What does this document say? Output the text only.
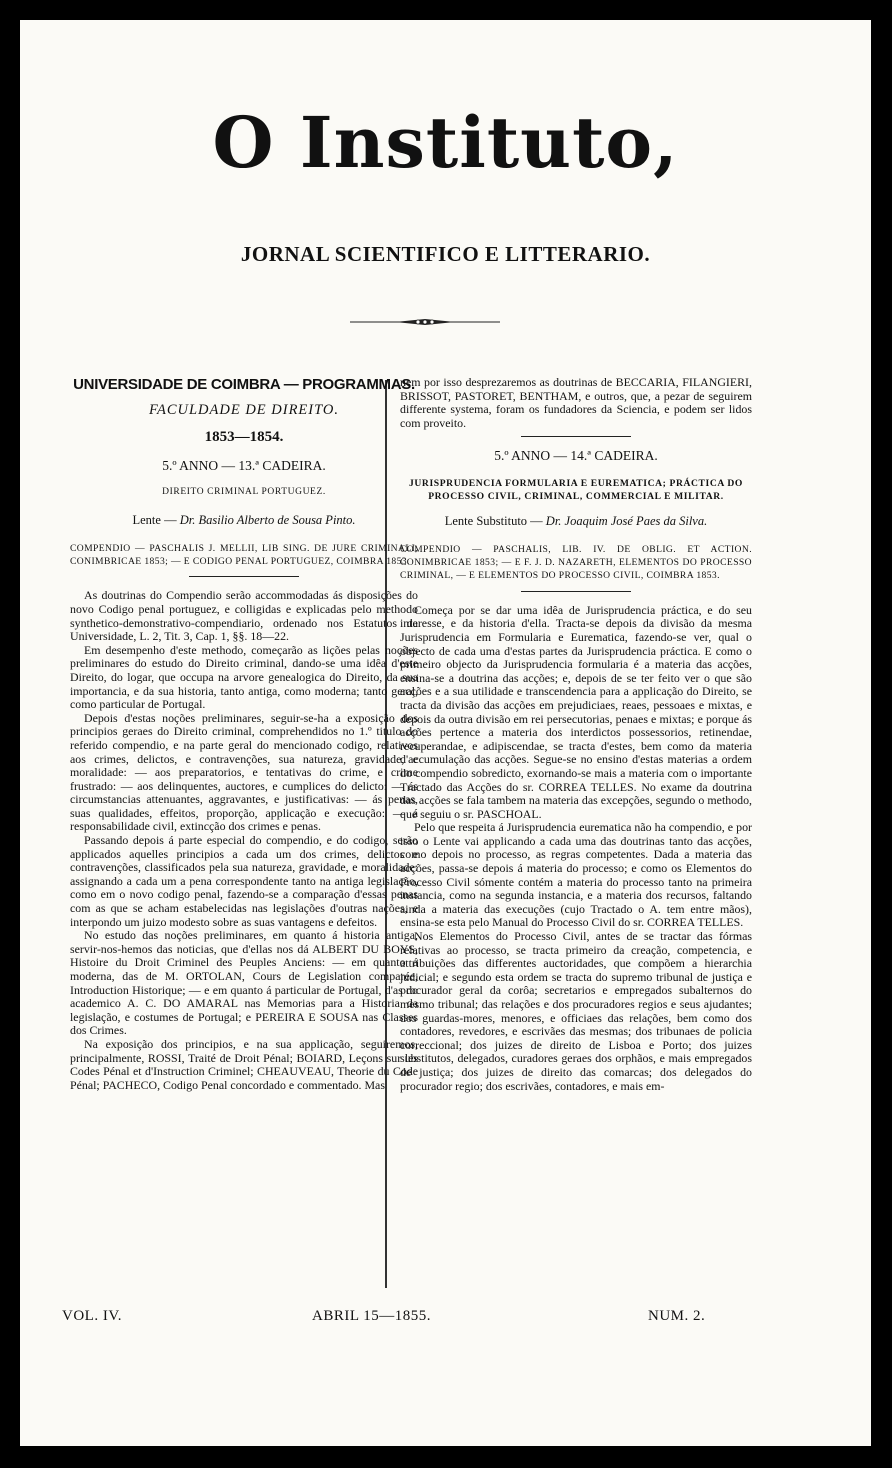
O Instituto,
JORNAL SCIENTIFICO E LITTERARIO.
UNIVERSIDADE DE COIMBRA — PROGRAMMAS.
FACULDADE DE DIREITO.
1853—1854.
5.º ANNO — 13.ª CADEIRA.
DIREITO CRIMINAL PORTUGUEZ.
Lente — Dr. Basilio Alberto de Sousa Pinto.
COMPENDIO — PASCHALIS J. MELLII, LIB SING. DE JURE CRIMINALI, CONIMBRICAE 1853; — E CODIGO PENAL PORTUGUEZ, COIMBRA 1853.

As doutrinas do Compendio serão accommodadas ás disposições do novo Codigo penal portuguez, e colligidas e explicadas pelo methodo synthetico-demonstrativo-compendiario, ordenado nos Estatutos da Universidade, L. 2, Tit. 3, Cap. 1, §§. 18—22.

Em desempenho d'este methodo, começarão as lições pelas noções preliminares do estudo do Direito criminal, dando-se uma idêa d'este Direito, do logar, que occupa na arvore genealogica do Direito, da sua importancia, e da sua historia, tanto antiga, como moderna; tanto geral, como particular de Portugal.

Depois d'estas noções preliminares, seguir-se-ha a exposição dos principios geraes do Direito criminal, comprehendidos no 1.º titulo do referido compendio, e na parte geral do mencionado codigo, relativos aos crimes, delictos, e contravenções, sua natureza, gravidade, e moralidade: — aos preparatorios, e tentativas do crime, e crime frustrado: — aos delinquentes, auctores, e cumplices do delicto: — ás circumstancias attenuantes, aggravantes, e justificativas: — ás penas, suas qualidades, effeitos, proporção, applicação e execução: — á responsabilidade civil, extincção dos crimes e penas.

Passando depois á parte especial do compendio, e do codigo, serão applicados aquelles principios a cada um dos crimes, delictos e contravenções, classificados pela sua natureza, gravidade, e moralidade: assignando a cada um a pena correspondente tanto na antiga legislação, como em o novo codigo penal, fazendo-se a comparação d'essas penas com as que se acham estabelecidas nas legislações d'outras nações, e interpondo um juizo modesto sobre as suas vantagens e defeitos.

No estudo das noções preliminares, em quanto á historia antiga, servir-nos-hemos das noticias, que d'ellas nos dá ALBERT DU BOYS, Histoire du Droit Criminel des Peuples Anciens: — em quanto á moderna, das de M. ORTOLAN, Cours de Legislation comparée, Introduction Historique; — e em quanto á particular de Portugal, d'as do academico A. C. DO AMARAL nas Memorias para a Historia da legislação, e costumes de Portugal; e PEREIRA E SOUSA nas Classes dos Crimes.

Na exposição dos principios, e na sua applicação, seguiremos, principalmente, ROSSI, Traité de Droit Pénal; BOIARD, Leçons sur les Codes Pénal et d'Instruction Criminel; CHEAUVEAU, Theorie du Code Pénal; PACHECO, Codigo Penal concordado e commentado. Mas

nem por isso desprezaremos as doutrinas de BECCARIA, FILANGIERI, BRISSOT, PASTORET, BENTHAM, e outros, que, a pezar de seguirem differente systema, foram os fundadores da Sciencia, e podem ser lidos com proveito.

5.º ANNO — 14.ª CADEIRA.
JURISPRUDENCIA FORMULARIA E EUREMATICA; PRÁCTICA DO PROCESSO CIVIL, CRIMINAL, COMMERCIAL E MILITAR.
Lente Substituto — Dr. Joaquim José Paes da Silva.
COMPENDIO — PASCHALIS, LIB. IV. DE OBLIG. ET ACTION. CONIMBRICAE 1853; — E F. J. D. NAZARETH, ELEMENTOS DO PROCESSO CRIMINAL, — E ELEMENTOS DO PROCESSO CIVIL, COIMBRA 1853.

Começa por se dar uma idêa de Jurisprudencia práctica, e do seu interesse, e da historia d'ella. Tracta-se depois da divisão da mesma Jurisprudencia em Formularia e Eurematica, fazendo-se ver, qual o objecto de cada uma d'estas partes da Jurisprudencia práctica. E como o primeiro objecto da Jurisprudencia formularia é a materia das acções, ensina-se a doutrina das acções; e, depois de se ter feito ver o que são acções e a sua utilidade e transcendencia para a applicação do Direito, se tracta da divisão das acções em prejudiciaes, reaes, pessoaes e mixtas, e depois da outra divisão em rei persecutorias, penaes e mixtas; e porque ás acções pertence a materia dos interdictos possessorios, retinendae, recuperandae, e adipiscendae, se tracta d'estes, bem como da materia d'accumulação das acções. Segue-se no ensino d'estas materias a ordem do compendio sobredicto, exornando-se mais a materia com o importante Tractado das Acções do sr. CORREA TELLES. No exame da doutrina das acções se fala tambem na materia das excepções, segundo o methodo, que seguiu o sr. PASCHOAL.

Pelo que respeita á Jurisprudencia eurematica não ha compendio, e por isso o Lente vai applicando a cada uma das doutrinas tanto das acções, como depois no processo, as regras competentes. Dada a materia das acções, passa-se depois á materia do processo; e como os Elementos do Processo Civil sómente contém a materia do processo tanto na primeira instancia, como na segunda instancia, e a materia dos recursos, faltando ainda a materia das execuções (cujo Tractado o A. tem entre mãos), ensina-se esta pelo Manual do Processo Civil do sr. CORREA TELLES.

Nos Elementos do Processo Civil, antes de se tractar das fórmas relativas ao processo, se tracta primeiro da creação, competencia, e attribuições das differentes auctoridades, que compõem a hierarchia judicial; e segundo esta ordem se tracta do supremo tribunal de justiça e procurador geral da corôa; secretarios e empregados subalternos do mesmo tribunal; das relações e dos procuradores regios e seus ajudantes; dos guardas-mores, menores, e officiaes das relações, bem como dos contadores, revedores, e escrivães das mesmas; dos tribunaes de policia correccional; dos juizes de direito de Lisboa e Porto; dos juizes substitutos, delegados, curadores geraes dos orphãos, e mais empregados de justiça; dos juizes de direito das comarcas; dos delegados do procurador regio; dos escrivães, contadores, e mais em-

VOL. IV.	ABRIL 15—1855.	NUM. 2.
